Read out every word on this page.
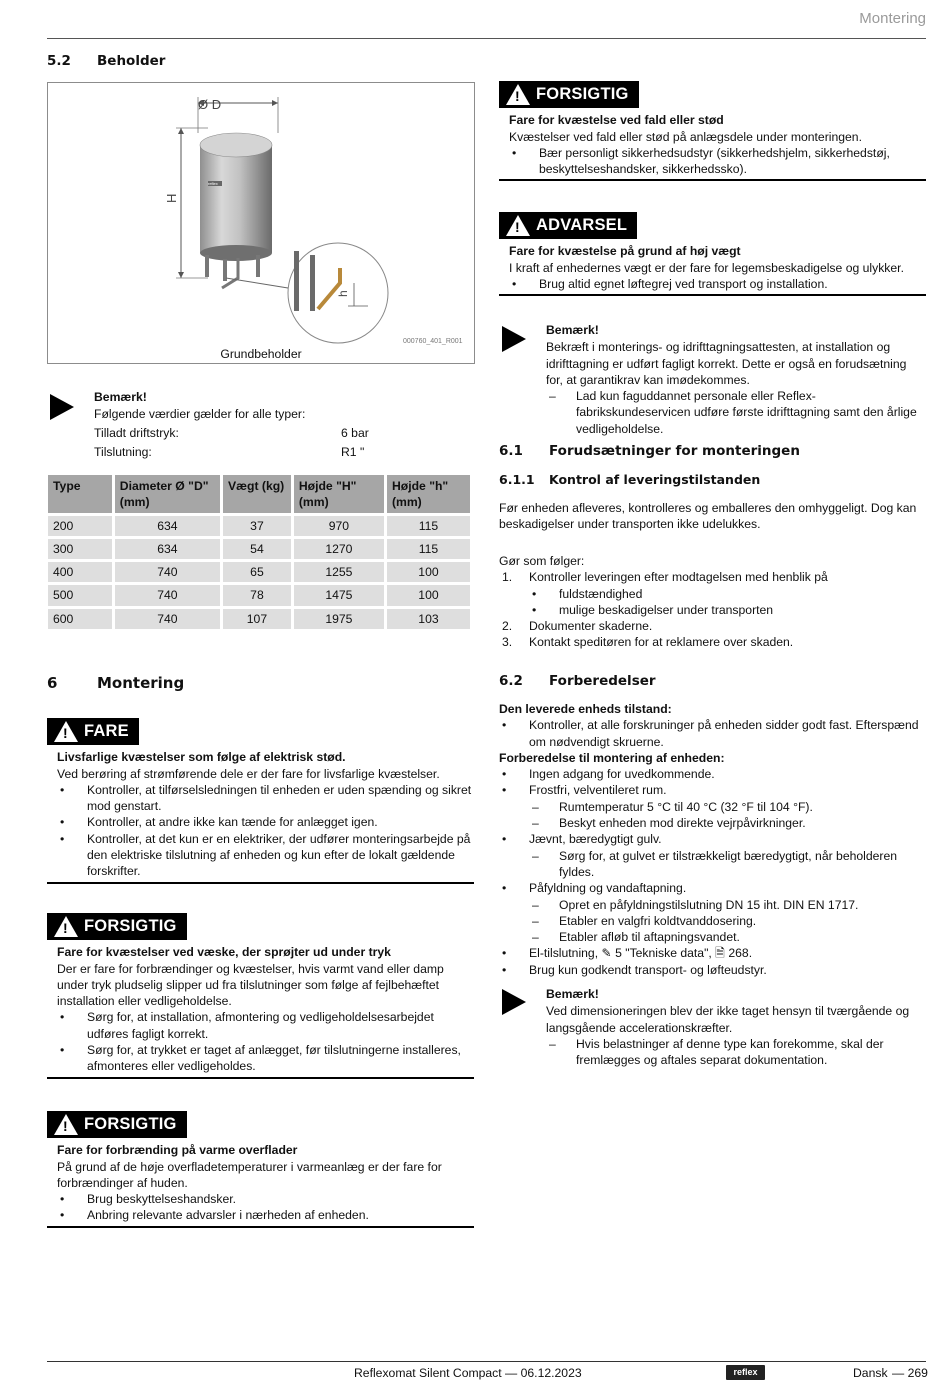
Montering
5.2 Beholder
Ø D
H
h
reflex
000760_401_R001
Grundbeholder
Bemærk!
Følgende værdier gælder for alle typer:
Tilladt driftstryk:	6 bar
Tilslutning:	R1 "
Type	Diameter Ø "D" (mm)	Vægt (kg)	Højde "H" (mm)	Højde "h" (mm)
200	634	37	970	115
300	634	54	1270	115
400	740	65	1255	100
500	740	78	1475	100
600	740	107	1975	103
6	Montering
! FARE
Livsfarlige kvæstelser som følge af elektrisk stød.
Ved berøring af strømførende dele er der fare for livsfarlige kvæstelser.
•	Kontroller, at tilførselsledningen til enheden er uden spænding og sikret mod genstart.
•	Kontroller, at andre ikke kan tænde for anlægget igen.
•	Kontroller, at det kun er en elektriker, der udfører monteringsarbejde på den elektriske tilslutning af enheden og kun efter de lokalt gældende forskrifter.
! FORSIGTIG
Fare for kvæstelser ved væske, der sprøjter ud under tryk
Der er fare for forbrændinger og kvæstelser, hvis varmt vand eller damp under tryk pludselig slipper ud fra tilslutninger som følge af fejlbehæftet installation eller vedligeholdelse.
•	Sørg for, at installation, afmontering og vedligeholdelsesarbejdet udføres fagligt korrekt.
•	Sørg for, at trykket er taget af anlægget, før tilslutningerne installeres, afmonteres eller vedligeholdes.
! FORSIGTIG
Fare for forbrænding på varme overflader
På grund af de høje overfladetemperaturer i varmeanlæg er der fare for forbrændinger af huden.
•	Brug beskyttelseshandsker.
•	Anbring relevante advarsler i nærheden af enheden.
! FORSIGTIG
Fare for kvæstelse ved fald eller stød
Kvæstelser ved fald eller stød på anlægsdele under monteringen.
•	Bær personligt sikkerhedsudstyr (sikkerhedshjelm, sikkerhedstøj, beskyttelseshandsker, sikkerhedssko).
! ADVARSEL
Fare for kvæstelse på grund af høj vægt
I kraft af enhedernes vægt er der fare for legemsbeskadigelse og ulykker.
•	Brug altid egnet løftegrej ved transport og installation.
Bemærk!
Bekræft i monterings- og idrifttagningsattesten, at installation og idrifttagning er udført fagligt korrekt. Dette er også en forudsætning for, at garantikrav kan imødekommes.
–	Lad kun faguddannet personale eller Reflex-fabrikskundeservicen udføre første idrifttagning samt den årlige vedligeholdelse.
6.1 Forudsætninger for monteringen
6.1.1 Kontrol af leveringstilstanden
Før enheden afleveres, kontrolleres og emballeres den omhyggeligt. Dog kan beskadigelser under transporten ikke udelukkes.
Gør som følger:
1.	Kontroller leveringen efter modtagelsen med henblik på
•	fuldstændighed
•	mulige beskadigelser under transporten
2.	Dokumenter skaderne.
3.	Kontakt speditøren for at reklamere over skaden.
6.2 Forberedelser
Den leverede enheds tilstand:
•	Kontroller, at alle forskruninger på enheden sidder godt fast. Efterspænd om nødvendigt skruerne.
Forberedelse til montering af enheden:
•	Ingen adgang for uvedkommende.
•	Frostfri, velventileret rum.
–	Rumtemperatur 5 °C til 40 °C (32 °F til 104 °F).
–	Beskyt enheden mod direkte vejrpåvirkninger.
•	Jævnt, bæredygtigt gulv.
–	Sørg for, at gulvet er tilstrækkeligt bæredygtigt, når beholderen fyldes.
•	Påfyldning og vandaftapning.
–	Opret en påfyldningstilslutning DN 15 iht. DIN EN 1717.
–	Etabler en valgfri koldtvanddosering.
–	Etabler afløb til aftapningsvandet.
•	El-tilslutning, ✎ 5 "Tekniske data", 🗎 268.
•	Brug kun godkendt transport- og løfteudstyr.
Bemærk!
Ved dimensioneringen blev der ikke taget hensyn til tværgående og langsgående accelerationskræfter.
–	Hvis belastninger af denne type kan forekomme, skal der fremlægges og aftales separat dokumentation.
Reflexomat Silent Compact — 06.12.2023	reflex	Dansk — 269
